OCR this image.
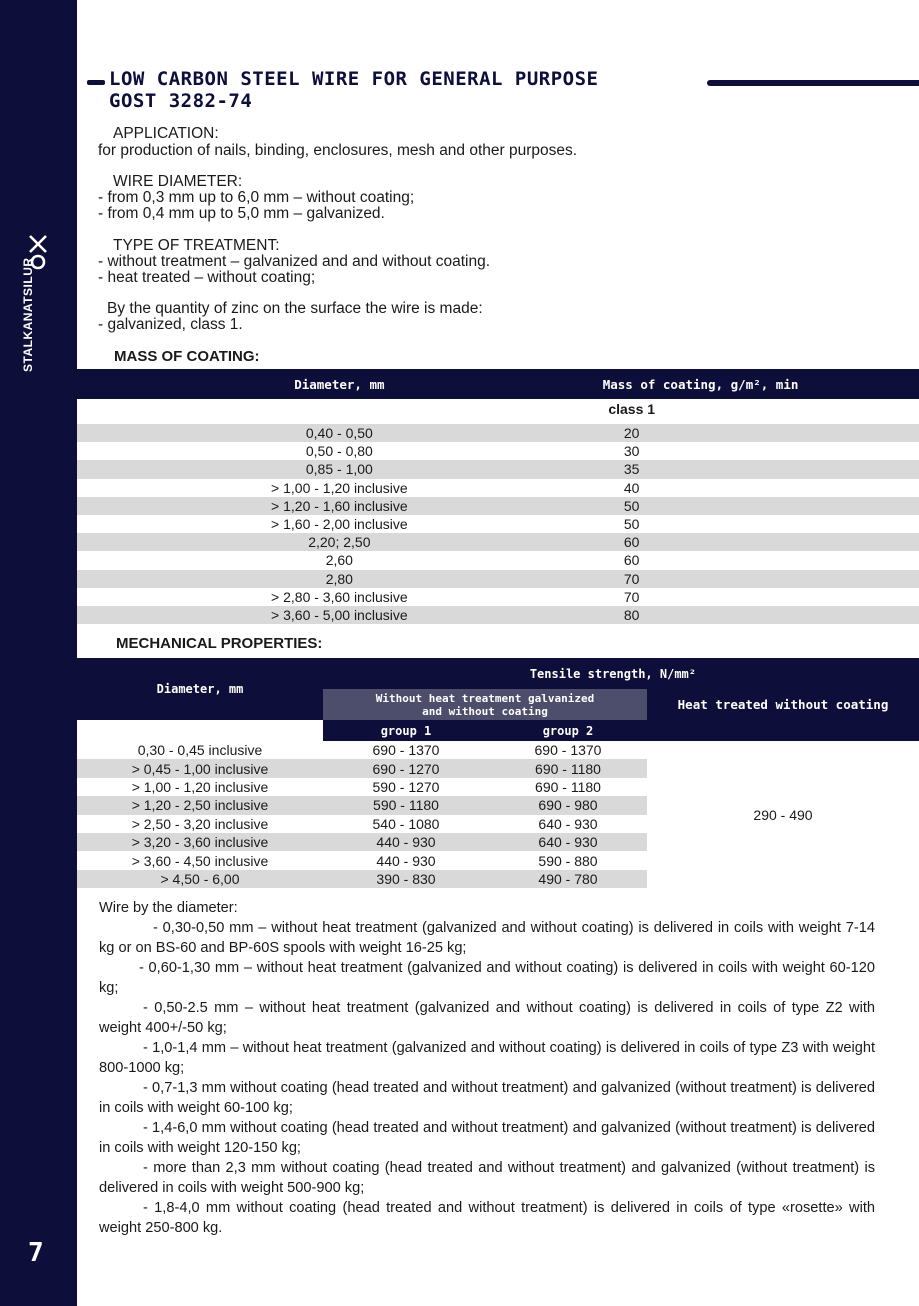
STALKANATSILUR
7
LOW CARBON STEEL WIRE FOR GENERAL PURPOSE
GOST 3282-74
APPLICATION:
for production of nails, binding, enclosures, mesh and other purposes.
WIRE DIAMETER:
- from 0,3 mm up to 6,0 mm – without coating;
- from 0,4 mm up to 5,0 mm – galvanized.
TYPE OF TREATMENT:
- without treatment – galvanized and and without coating.
- heat treated – without coating;
By the quantity of zinc on the surface the wire is made:
- galvanized, class 1.
MASS OF COATING:
Diameter, mm	Mass of coating, g/m², min	
	class 1	

0,40 - 0,50	20	
0,50 - 0,80	30	
0,85 - 1,00	35	
> 1,00 - 1,20 inclusive	40	
> 1,20 - 1,60 inclusive	50	
> 1,60 - 2,00 inclusive	50	
2,20; 2,50	60	
2,60	60	
2,80	70	
> 2,80 - 3,60 inclusive	70	
> 3,60 - 5,00 inclusive	80	
MECHANICAL PROPERTIES:
Diameter, mm	Tensile strength, N/mm²		
	Without heat treatment galvanized and without coating		Heat treated without coating
	group 1	group 2	
0,30 - 0,45 inclusive	690 - 1370	690 - 1370	290 - 490
> 0,45 - 1,00 inclusive	690 - 1270	690 - 1180	
> 1,00 - 1,20 inclusive	590 - 1270	690 - 1180	
> 1,20 - 2,50 inclusive	590 - 1180	690 - 980	
> 2,50 - 3,20 inclusive	540 - 1080	640 - 930	
> 3,20 - 3,60 inclusive	440 - 930	640 - 930	
> 3,60 - 4,50 inclusive	440 - 930	590 - 880	
> 4,50 - 6,00	390 - 830	490 - 780	
Wire by the diameter:
- 0,30-0,50 mm – without heat treatment (galvanized and without coating) is delivered in coils with weight 7-14 kg or on BS-60 and BP-60S spools with weight 16-25 kg;
- 0,60-1,30 mm – without heat treatment (galvanized and without coating) is delivered in coils with weight 60-120 kg;
- 0,50-2.5 mm – without heat treatment (galvanized and without coating) is delivered in coils of type Z2 with weight 400+/-50 kg;
- 1,0-1,4 mm – without heat treatment (galvanized and without coating) is delivered in coils of type Z3 with weight 800-1000 kg;
- 0,7-1,3 mm without coating (head treated and without treatment) and galvanized (without treatment) is delivered in coils with weight 60-100 kg;
- 1,4-6,0 mm without coating (head treated and without treatment) and galvanized (without treatment) is delivered in coils with weight 120-150 kg;
- more than 2,3 mm without coating (head treated and without treatment) and galvanized (without treatment) is delivered in coils with weight 500-900 kg;
- 1,8-4,0 mm without coating (head treated and without treatment) is delivered in coils of type «rosette» with weight 250-800 kg.
